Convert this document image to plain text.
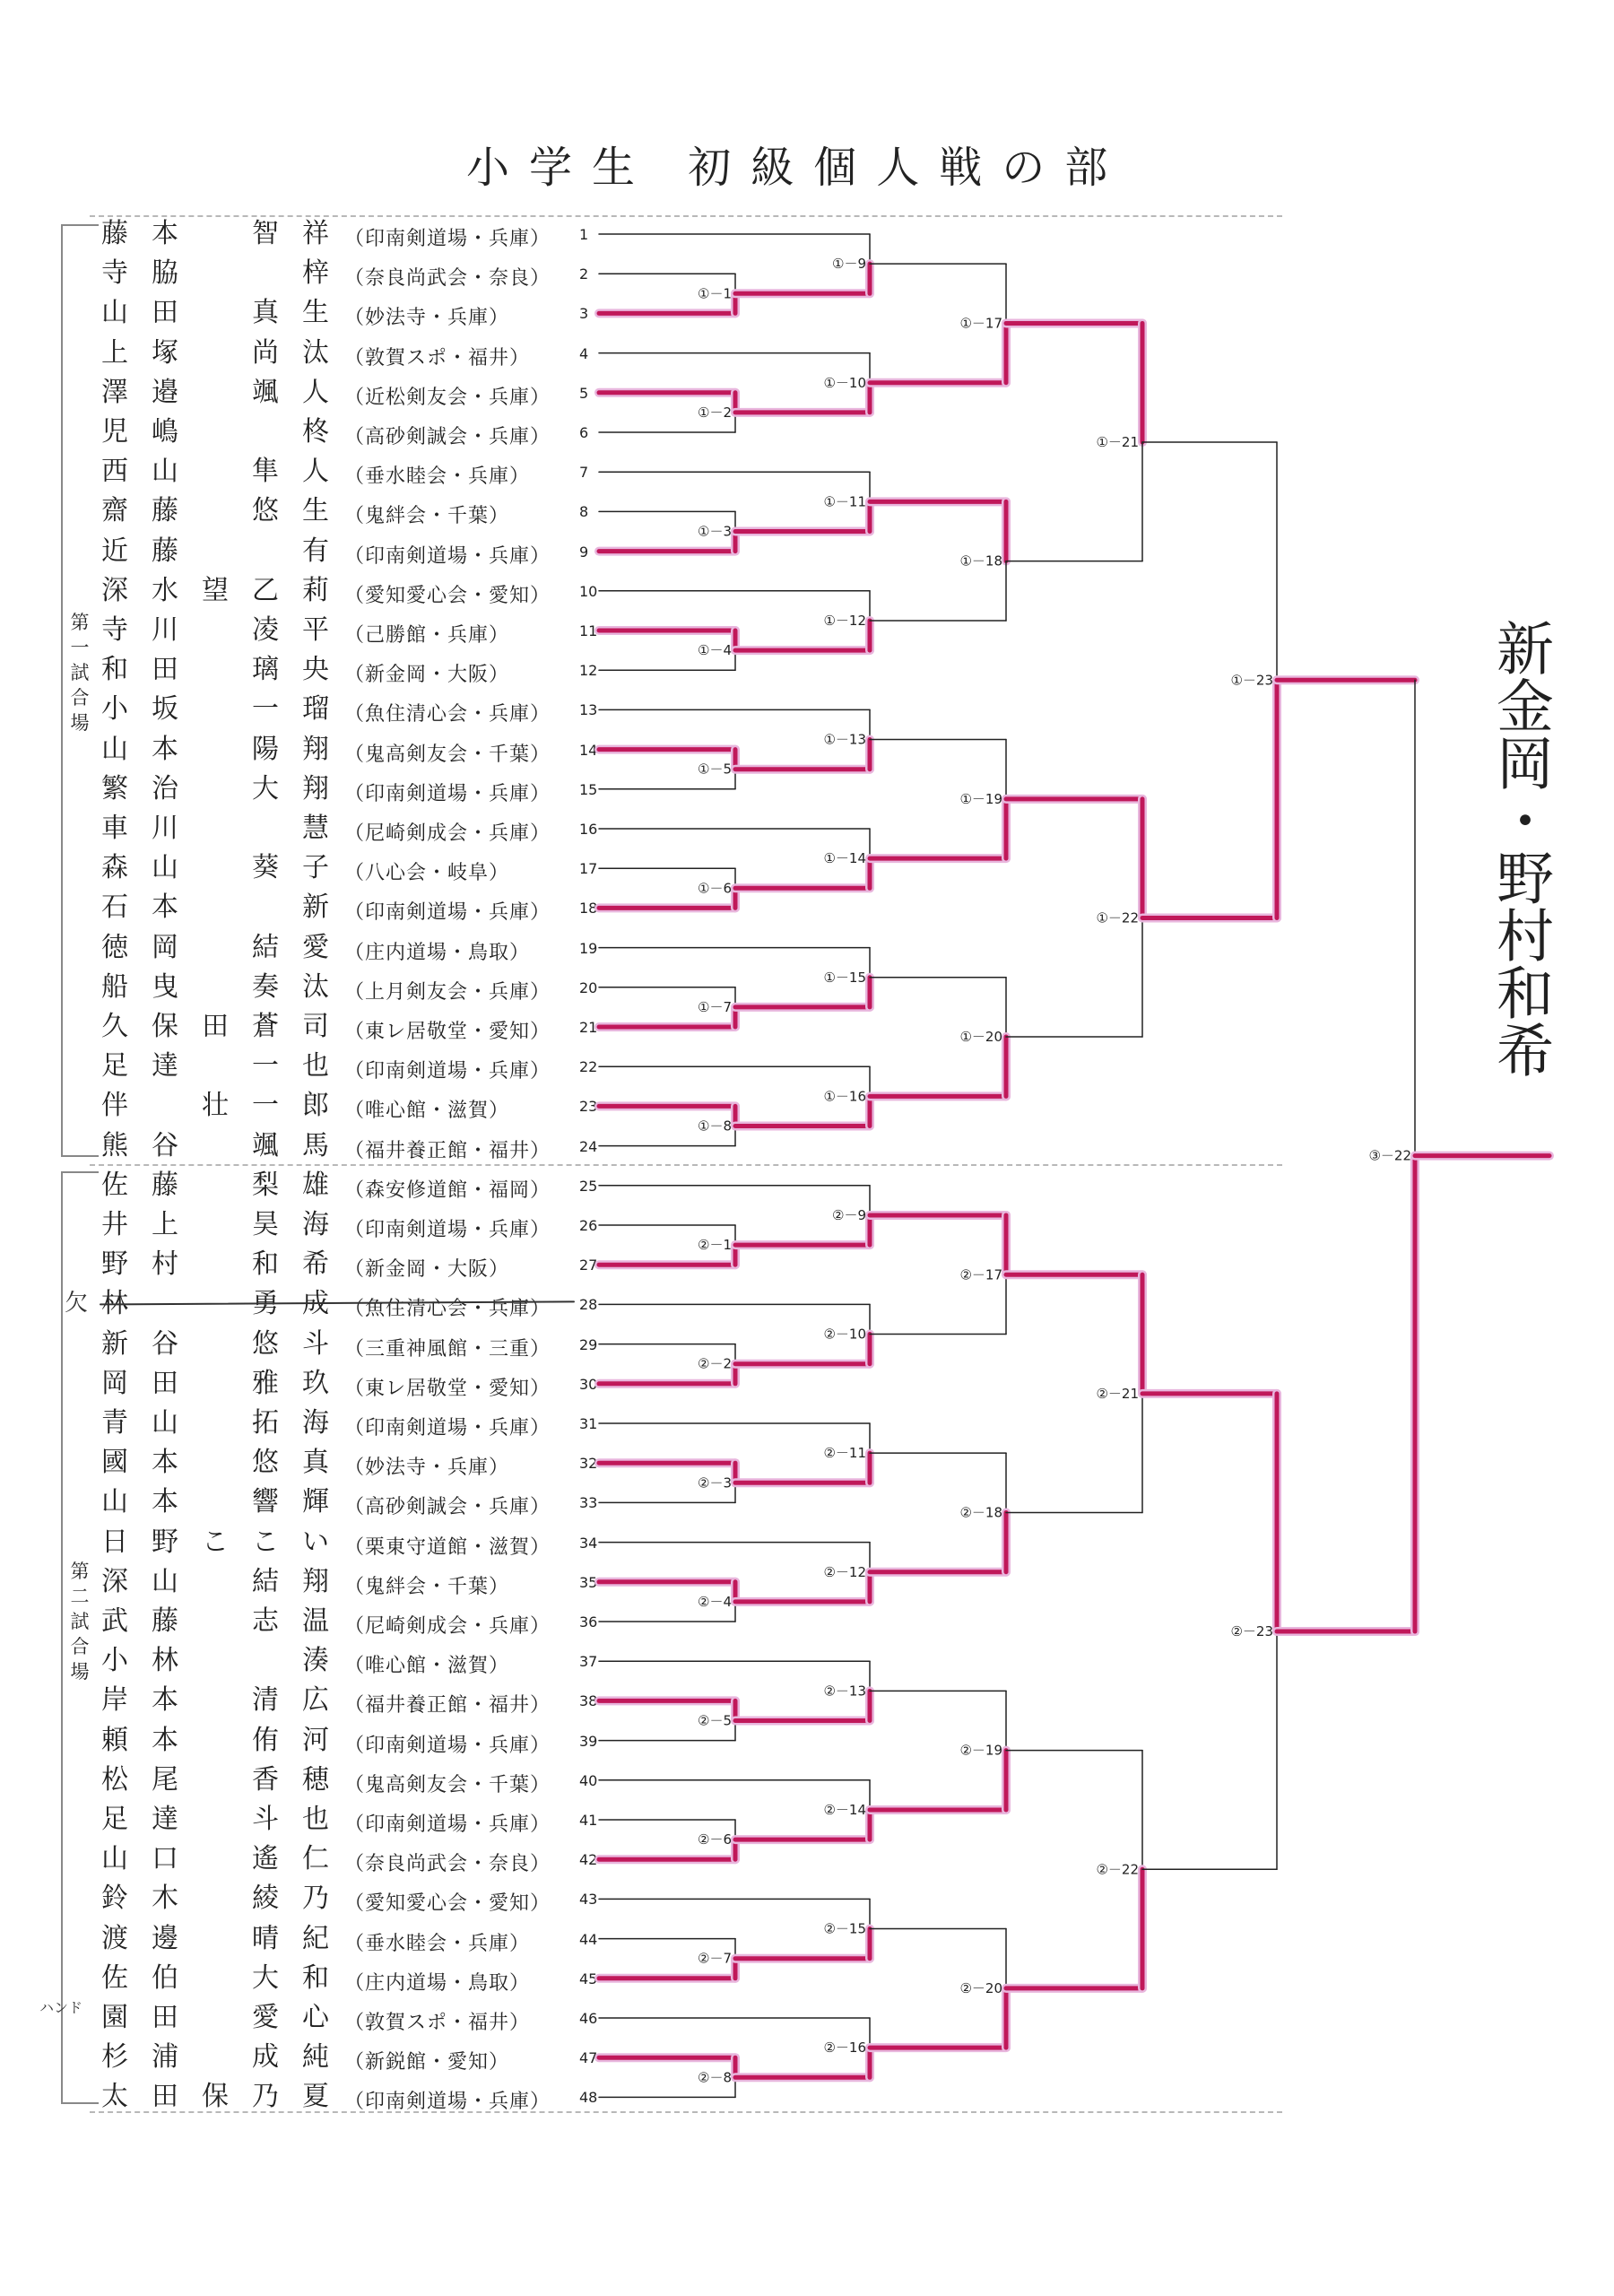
小学生 初級個人戦の部
第一試合場
第二試合場
藤 本	智 祥 （印南剣道場・兵庫） 1
寺 脇	梓 （奈良尚武会・奈良） 2
山 田	真 生 （妙法寺・兵庫）	3
上 塚	尚 汰 （敦賀スポ・福井）	4
澤 邉	颯 人 （近松剣友会・兵庫） 5
児 嶋	柊 （高砂剣誠会・兵庫） 6
西 山	隼 人 （垂水睦会・兵庫）	7
齋 藤	悠 生 （鬼絆会・千葉）	8
近 藤	有 （印南剣道場・兵庫） 9
深 水 望 乙 莉 （愛知愛心会・愛知） 10
寺 川	凌 平 （己勝館・兵庫）	11
和 田	璃 央 （新金岡・大阪）	12
小 坂	一 瑠 （魚住清心会・兵庫） 13
山 本	陽 翔 （鬼高剣友会・千葉） 14
繁 治	大 翔 （印南剣道場・兵庫） 15
車 川	慧 （尼崎剣成会・兵庫） 16
森 山	葵 子 （八心会・岐阜）	17
石 本	新 （印南剣道場・兵庫） 18
徳 岡	結 愛 （庄内道場・鳥取）	19
船 曳	奏 汰 （上月剣友会・兵庫） 20
久 保 田 蒼 司 （東レ居敬堂・愛知） 21
足 達	一 也 （印南剣道場・兵庫） 22
伴	壮 一 郎 （唯心館・滋賀）	23
熊 谷	颯 馬 （福井養正館・福井） 24
佐 藤	梨 雄 （森安修道館・福岡） 25
井 上	昊 海 （印南剣道場・兵庫） 26
野 村	和 希 （新金岡・大阪）	27
林	勇 成 （魚住清心会・兵庫） 28
新 谷	悠 斗 （三重神風館・三重） 29
岡 田	雅 玖 （東レ居敬堂・愛知） 30
青 山	拓 海 （印南剣道場・兵庫） 31
國 本	悠 真 （妙法寺・兵庫）	32
山 本	響 輝 （高砂剣誠会・兵庫） 33
日 野 こ こ い （栗東守道館・滋賀） 34
深 山	結 翔 （鬼絆会・千葉）	35
武 藤	志 温 （尼崎剣成会・兵庫） 36
小 林	湊 （唯心館・滋賀）	37
岸 本	清 広 （福井養正館・福井） 38
頼 本	侑 河 （印南剣道場・兵庫） 39
松 尾	香 穂 （鬼高剣友会・千葉） 40
足 達	斗 也 （印南剣道場・兵庫） 41
山 口	遙 仁 （奈良尚武会・奈良） 42
鈴 木	綾 乃 （愛知愛心会・愛知） 43
渡 邊	晴 紀 （垂水睦会・兵庫）	44
佐 伯	大 和 （庄内道場・鳥取）	45
園 田	愛 心 （敦賀スポ・福井）	46
杉 浦	成 純 （新鋭館・愛知）	47
太 田 保 乃 夏 （印南剣道場・兵庫） 48
①－1
①－9
①－2
①－10
①－3
①－11
①－4
①－12
①－5
①－13
①－6
①－14
①－7
①－15
①－8
①－16
①－17
①－18
①－19
①－20
①－21
①－22
①－23
②－1
②－9
②－2
②－10
②－3
②－11
②－4
②－12
②－5
②－13
②－6
②－14
②－7
②－15
②－8
②－16
②－17
②－18
②－19
②－20
②－21
②－22
②－23
③－22
新金岡・野村和希
欠
ハンド
